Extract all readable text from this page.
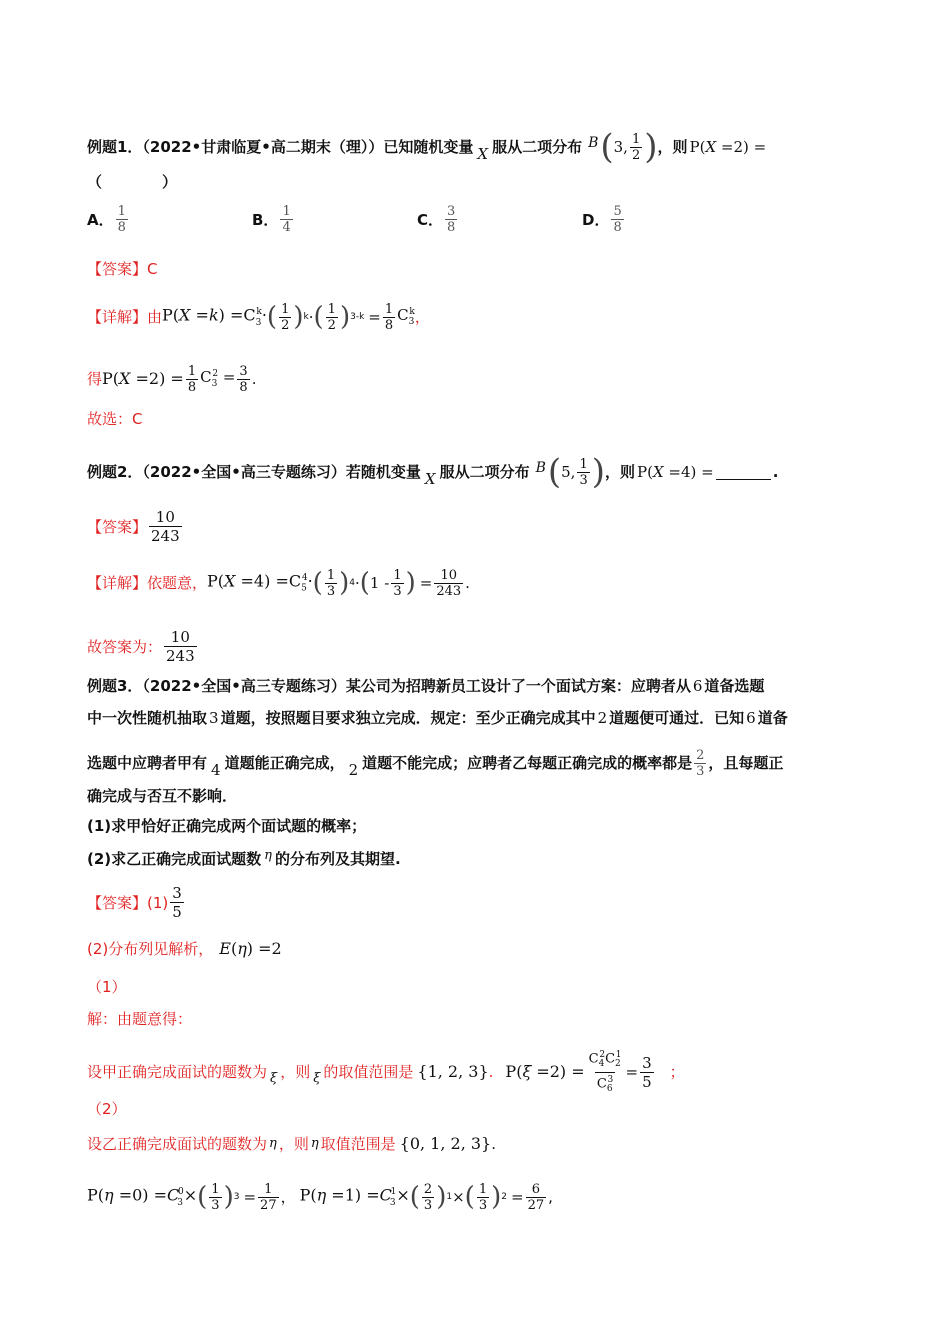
例题1．（2022•甘肃临夏•高二期末（理））已知随机变量 X 服从二项分布 B ( 3, $\frac{1}{2}$ ) ，则 P(X =2) =
（　　　　）
A． $\frac{1}{8}$	B． $\frac{1}{4}$	C． $\frac{3}{8}$	D． $\frac{5}{8}$
【答案】C
【详解】 由 $P(X =k) =C_3^k\cdot$ ( $\frac{1}{2}$ ) k · ( $\frac{1}{2}$ ) $3-k = \frac{1}{8} C_3^k$ ，
得 $P(X =2) = \frac{1}{8} C_3^2 = \frac{3}{8}$ .
故选：C
例题2．（2022•全国•高三专题练习）若随机变量 X 服从二项分布 B ( 5, $\frac{1}{3}$ ) ，则 P(X =4) =	.
【答案】 $\frac{10}{243}$
【详解】 依题意， $P(X =4) =C_5^4\cdot$ ( $\frac{1}{3}$ ) 4 · ( $1 - \frac{1}{3}$ ) = $\frac{10}{243}$ .
故答案为： $\frac{10}{243}$
例题3．（2022•全国•高三专题练习）某公司为招聘新员工设计了一个面试方案：应聘者从 6 道备选题
中一次性随机抽取 3 道题，按照题目要求独立完成．规定：至少正确完成其中 2 道题便可通过．已知 6 道备
选题中应聘者甲有 4 道题能正确完成， 2 道题不能完成；应聘者乙每题正确完成的概率都是 $\frac{2}{3}$ ，且每题正
确完成与否互不影响．
(1)求甲恰好正确完成两个面试题的概率；
(2)求乙正确完成面试题数 η 的分布列及其期望.
【答案】 $(1) \frac{3}{5}$
(2)分布列见解析， E(η) =2
（1）
解：由题意得：
设甲正确完成面试的题数为 ξ ，则 ξ 的取值范围是 {1, 2, 3} . $P(\xi =2) = \frac{C_4^2C_2^1}{C_6^3} = \frac{3}{5}$ ；
（2）
设乙正确完成面试的题数为 η ，则 η 取值范围是 {0, 1, 2, 3} .
$P(\eta =0) =C_3^0\times$ ( $\frac{1}{3}$ ) $3 = \frac{1}{27}$ ， $P(\eta =1) =C_3^1\times$ ( $\frac{2}{3}$ ) 1 × ( $\frac{1}{3}$ ) $2 = \frac{6}{27}$ ,
